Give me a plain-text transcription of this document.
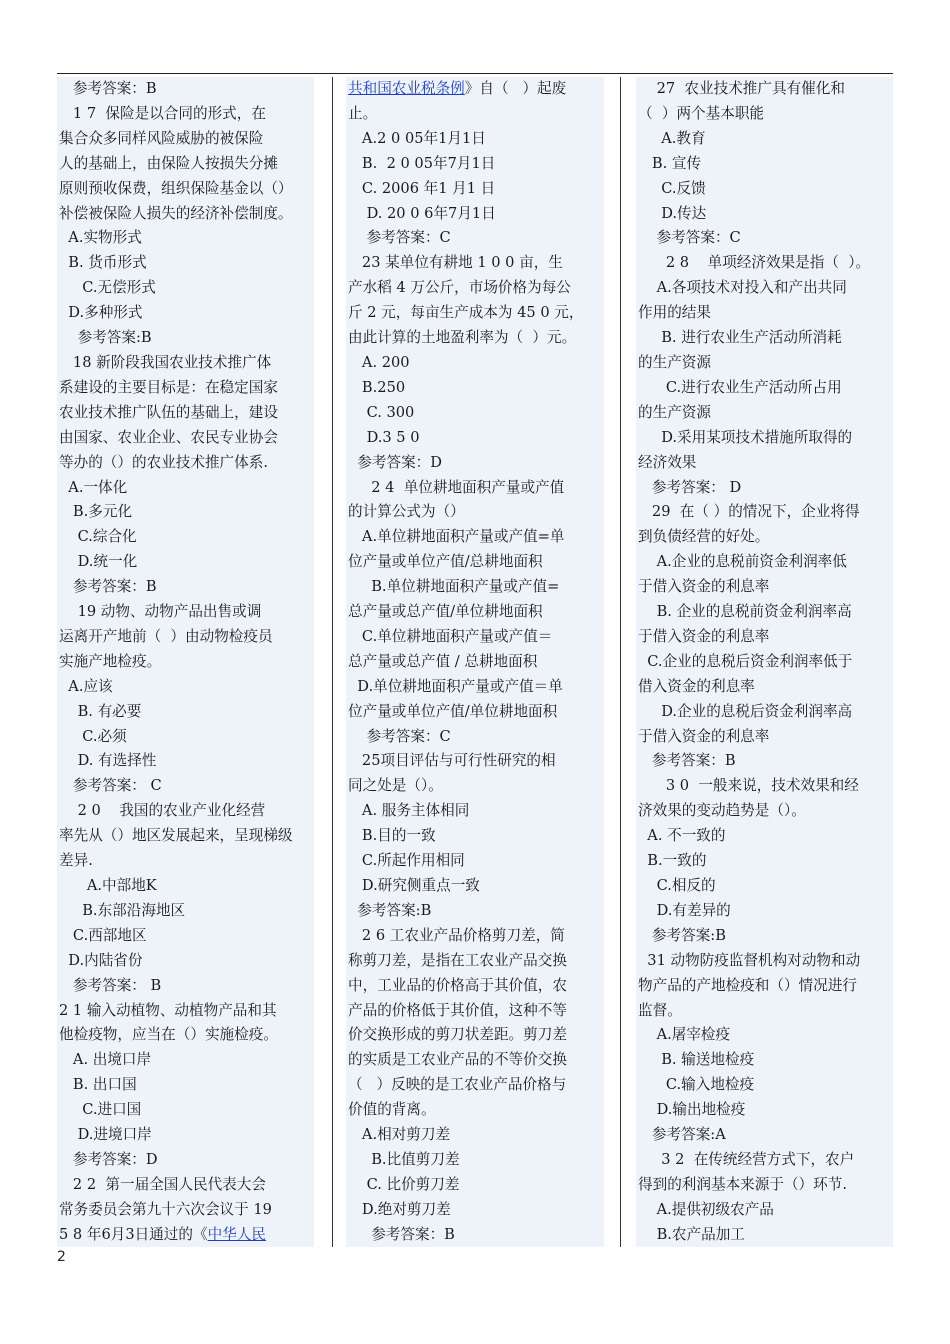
参考答案：B

1 7  保险是以合同的形式，在

集合众多同样风险威胁的被保险

人的基础上，由保险人按损失分摊

原则预收保费，组织保险基金以（）

补偿被保险人损失的经济补偿制度。

A.实物形式

B. 货币形式

C.无偿形式

D.多种形式

参考答案:B

18 新阶段我国农业技术推广体

系建设的主要目标是：在稳定国家

农业技术推广队伍的基础上，建设

由国家、农业企业、农民专业协会

等办的（）的农业技术推广体系.

A.一体化

B.多元化

C.综合化

D.统一化

参考答案：B

19 动物、动物产品出售或调

运离开产地前（  ）由动物检疫员

实施产地检疫。

A.应该

B. 有必要

C.必须

D. 有选择性

参考答案： C

2 0    我国的农业产业化经营

率先从（）地区发展起来，呈现梯级

差异.

A.中部地K

B.东部沿海地区

C.西部地区

D.内陆省份

参考答案： B

2 1 输入动植物、动植物产品和其

他检疫物，应当在（）实施检疫。

A. 出境口岸

B. 出口国

C.进口国

D.进境口岸

参考答案：D

2 2  第一届全国人民代表大会

常务委员会第九十六次会议于 19

5 8 年6月3日通过的《中华人民

共和国农业税条例》自（   ）起废

止。

A.2 0 05年1月1日

B.  2 0 05年7月1日

C. 2006 年1 月1 日

D. 20 0 6年7月1日

参考答案：C

23 某单位有耕地 1 0 0 亩，生

产水稻 4 万公斤，市场价格为每公

斤 2 元，每亩生产成本为 45 0 元，

由此计算的土地盈利率为（  ）元。

A. 200

B.250

C. 300

D.3 5 0

参考答案：D

2 4  单位耕地面积产量或产值

的计算公式为（）

A.单位耕地面积产量或产值=单

位产量或单位产值/总耕地面积

B.单位耕地面积产量或产值=

总产量或总产值/单位耕地面积

C.单位耕地面积产量或产值＝

总产量或总产值 / 总耕地面积

D.单位耕地面积产量或产值＝单

位产量或单位产值/单位耕地面积

参考答案：C

25项目评估与可行性研究的相

同之处是（）。

A. 服务主体相同

B.目的一致

C.所起作用相同

D.研究侧重点一致

参考答案:B

2 6 工农业产品价格剪刀差，简

称剪刀差，是指在工农业产品交换

中，工业品的价格高于其价值，农

产品的价格低于其价值，这种不等

价交换形成的剪刀状差距。剪刀差

的实质是工农业产品的不等价交换

（   ）反映的是工农业产品价格与

价值的背离。

A.相对剪刀差

B.比值剪刀差

C. 比价剪刀差

D.绝对剪刀差

参考答案：B

27  农业技术推广具有催化和

（  ）两个基本职能

A.教育

B. 宣传

C.反馈

D.传达

参考答案：C

2 8    单项经济效果是指（  ）。

A.各项技术对投入和产出共同

作用的结果

B. 进行农业生产活动所消耗

的生产资源

C.进行农业生产活动所占用

的生产资源

D.采用某项技术措施所取得的

经济效果

参考答案： D

29  在（ ）的情况下，企业将得

到负债经营的好处。

A.企业的息税前资金利润率低

于借入资金的利息率

B. 企业的息税前资金利润率高

于借入资金的利息率

C.企业的息税后资金利润率低于

借入资金的利息率

D.企业的息税后资金利润率高

于借入资金的利息率

参考答案：B

3 0  一般来说，技术效果和经

济效果的变动趋势是（）。

A. 不一致的

B.一致的

C.相反的

D.有差异的

参考答案:B

31 动物防疫监督机构对动物和动

物产品的产地检疫和（）情况进行

监督。

A.屠宰检疫

B. 输送地检疫

C.输入地检疫

D.输出地检疫

参考答案:A

3 2  在传统经营方式下，农户

得到的利润基本来源于（）环节.

A.提供初级农产品

B.农产品加工

2
